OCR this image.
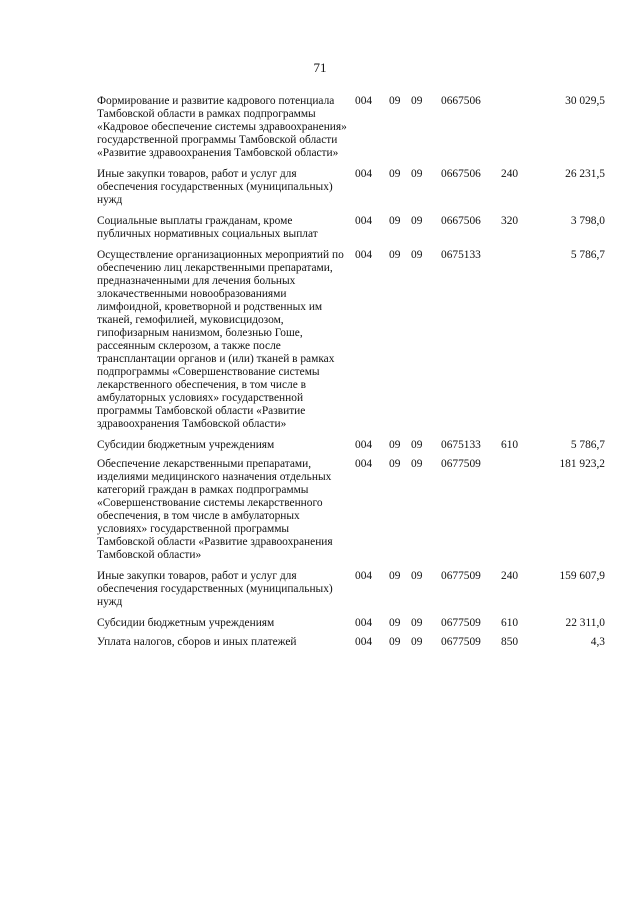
71
Формирование и развитие кадрового потенциала Тамбовской области в рамках подпрограммы «Кадровое обеспечение системы здравоохранения» государственной программы Тамбовской области «Развитие здравоохранения Тамбовской области»	004	09	09	0667506		30 029,5
Иные закупки товаров, работ и услуг для обеспечения государственных (муниципальных) нужд	004	09	09	0667506	240	26 231,5
Социальные выплаты гражданам, кроме публичных нормативных социальных выплат	004	09	09	0667506	320	3 798,0
Осуществление организационных мероприятий по обеспечению лиц лекарственными препаратами, предназначенными для лечения больных злокачественными новообразованиями лимфоидной, кроветворной и родственных им тканей, гемофилией, муковисцидозом, гипофизарным нанизмом, болезнью Гоше, рассеянным склерозом, а также после трансплантации органов и (или) тканей в рамках подпрограммы «Совершенствование системы лекарственного обеспечения, в том числе в амбулаторных условиях» государственной программы Тамбовской области «Развитие здравоохранения Тамбовской области»	004	09	09	0675133		5 786,7
Субсидии бюджетным учреждениям	004	09	09	0675133	610	5 786,7
Обеспечение лекарственными препаратами, изделиями медицинского назначения отдельных категорий граждан в рамках подпрограммы «Совершенствование системы лекарственного обеспечения, в том числе в амбулаторных условиях» государственной программы Тамбовской области «Развитие здравоохранения Тамбовской области»	004	09	09	0677509		181 923,2
Иные закупки товаров, работ и услуг для обеспечения государственных (муниципальных) нужд	004	09	09	0677509	240	159 607,9
Субсидии бюджетным учреждениям	004	09	09	0677509	610	22 311,0
Уплата налогов, сборов и иных платежей	004	09	09	0677509	850	4,3
